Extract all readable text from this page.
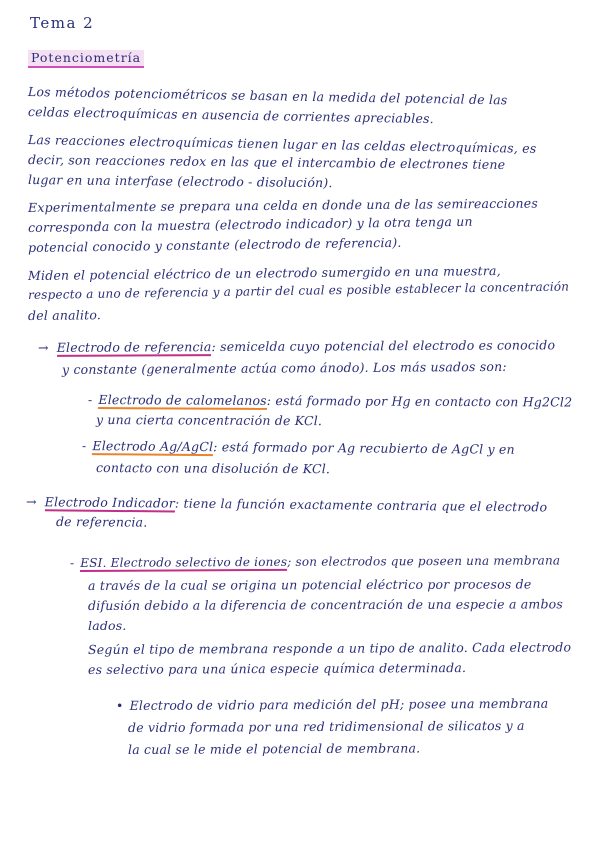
Tema 2
Potenciometría
Los métodos potenciométricos se basan en la medida del potencial de las
celdas electroquímicas en ausencia de corrientes apreciables.
Las reacciones electroquímicas tienen lugar en las celdas electroquímicas, es
decir, son reacciones redox en las que el intercambio de electrones tiene
lugar en una interfase (electrodo - disolución).
Experimentalmente se prepara una celda en donde una de las semireacciones
corresponda con la muestra (electrodo indicador) y la otra tenga un
potencial conocido y constante (electrodo de referencia).
Miden el potencial eléctrico de un electrodo sumergido en una muestra,
respecto a uno de referencia y a partir del cual es posible establecer la concentración
del analito.
→ Electrodo de referencia: semicelda cuyo potencial del electrodo es conocido
y constante (generalmente actúa como ánodo). Los más usados son:
- Electrodo de calomelanos: está formado por Hg en contacto con Hg2Cl2
y una cierta concentración de KCl.
- Electrodo Ag/AgCl: está formado por Ag recubierto de AgCl y en
contacto con una disolución de KCl.
→ Electrodo Indicador: tiene la función exactamente contraria que el electrodo
de referencia.
- ESI. Electrodo selectivo de iones; son electrodos que poseen una membrana
a través de la cual se origina un potencial eléctrico por procesos de
difusión debido a la diferencia de concentración de una especie a ambos
lados.
Según el tipo de membrana responde a un tipo de analito. Cada electrodo
es selectivo para una única especie química determinada.
• Electrodo de vidrio para medición del pH; posee una membrana
de vidrio formada por una red tridimensional de silicatos y a
la cual se le mide el potencial de membrana.
